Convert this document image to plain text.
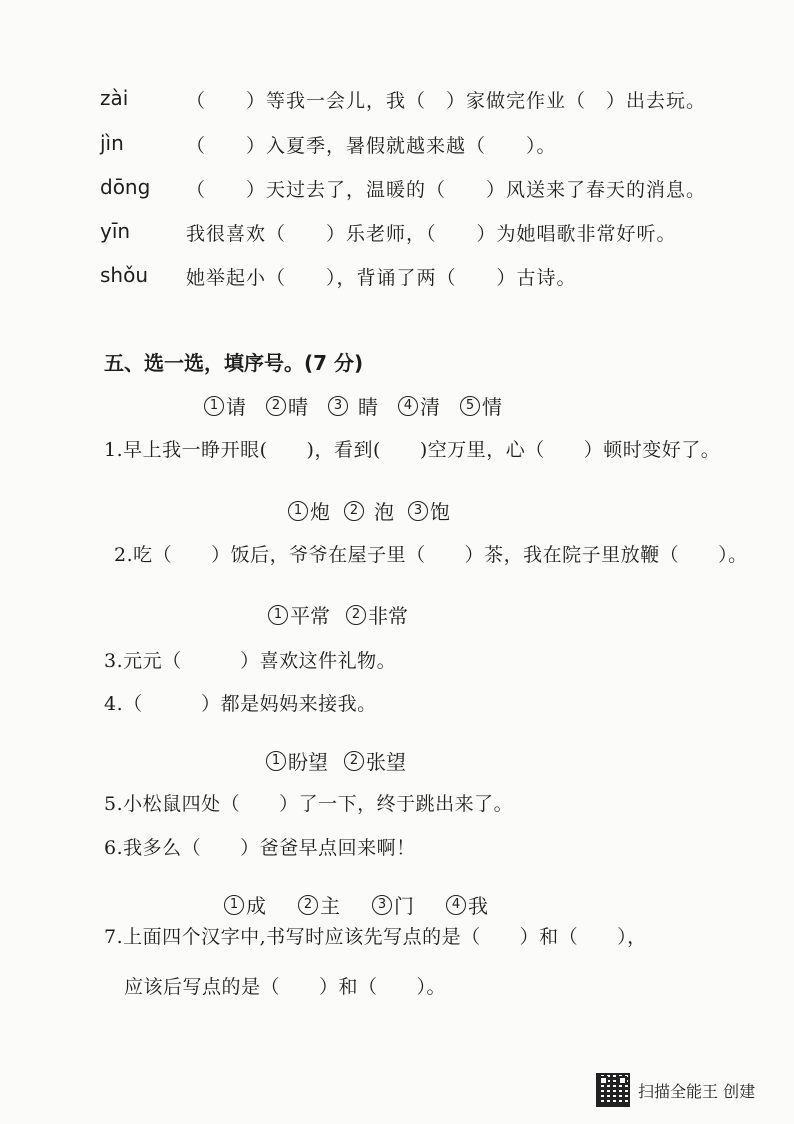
zài	（　　）等我一会儿，我（　）家做完作业（　）出去玩。
jìn	（　　）入夏季，暑假就越来越（　　）。
dōng （　　）天过去了，温暖的（　　）风送来了春天的消息。
yīn	我很喜欢（　　）乐老师，（　　）为她唱歌非常好听。
shǒu 她举起小（　　），背诵了两（　　）古诗。
五、选一选，填序号。(7 分)
1 请	2 晴	3 睛	4 清	5 情
1.早上我一睁开眼(　　)，看到(　　)空万里，心（　　）顿时变好了。
1 炮	2 泡	3 饱
2.吃（　　）饭后，爷爷在屋子里（　　）茶，我在院子里放鞭（　　）。
1 平常	2 非常
3.元元（　　　）喜欢这件礼物。
4.（　　　）都是妈妈来接我。
1 盼望	2 张望
5.小松鼠四处（　　）了一下，终于跳出来了。
6.我多么（　　）爸爸早点回来啊！
1 成	2 主	3 门	4 我
7.上面四个汉字中,书写时应该先写点的是（　　）和（　　），
应该后写点的是（　　）和（　　）。
扫描全能王 创建
